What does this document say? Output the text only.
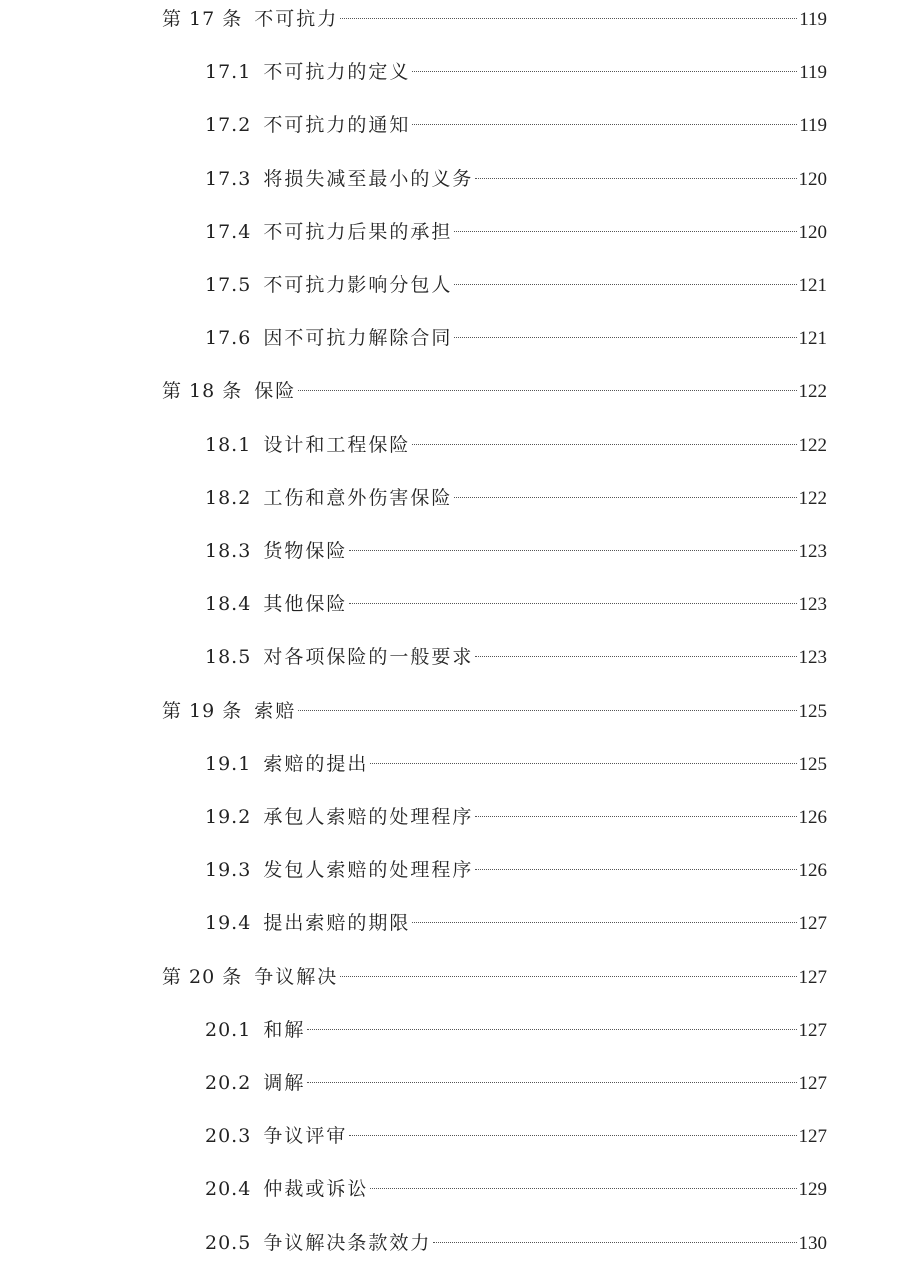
第 17 条 不可抗力	119
17.1 不可抗力的定义	119
17.2 不可抗力的通知	119
17.3 将损失减至最小的义务	120
17.4 不可抗力后果的承担	120
17.5 不可抗力影响分包人	121
17.6 因不可抗力解除合同	121
第 18 条 保险	122
18.1 设计和工程保险	122
18.2 工伤和意外伤害保险	122
18.3 货物保险	123
18.4 其他保险	123
18.5 对各项保险的一般要求	123
第 19 条 索赔	125
19.1 索赔的提出	125
19.2 承包人索赔的处理程序	126
19.3 发包人索赔的处理程序	126
19.4 提出索赔的期限	127
第 20 条 争议解决	127
20.1 和解	127
20.2 调解	127
20.3 争议评审	127
20.4 仲裁或诉讼	129
20.5 争议解决条款效力	130
